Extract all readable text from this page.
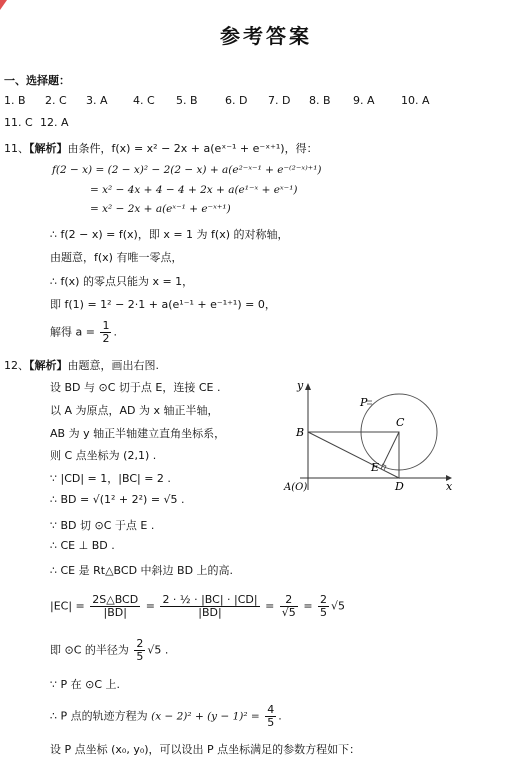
参考答案
一、选择题：
1. B 2. C 3. A 4. C 5. B 6. D 7. D 8. B 9. A 10. A
11. C 12. A
11、【解析】由条件，f(x) = x² − 2x + a(eˣ⁻¹ + e⁻ˣ⁺¹)，得：
f(2 − x) = (2 − x)² − 2(2 − x) + a(e²⁻ˣ⁻¹ + e⁻⁽²⁻ˣ⁾⁺¹)
= x² − 4x + 4 − 4 + 2x + a(e¹⁻ˣ + eˣ⁻¹)
= x² − 2x + a(eˣ⁻¹ + e⁻ˣ⁺¹)
∴ f(2 − x) = f(x)，即 x = 1 为 f(x) 的对称轴，
由题意，f(x) 有唯一零点，
∴ f(x) 的零点只能为 x = 1，
即 f(1) = 1² − 2·1 + a(e¹⁻¹ + e⁻¹⁺¹) = 0，
解得 $a = \frac{1}{2}$ .
12、【解析】由题意，画出右图.
设 BD 与 ⊙C 切于点 E，连接 CE .
以 A 为原点，AD 为 x 轴正半轴，
AB 为 y 轴正半轴建立直角坐标系，
则 C 点坐标为 (2,1) .
∵ |CD| = 1，|BC| = 2 .
∴ BD = √(1² + 2²) = √5 .
∵ BD 切 ⊙C 于点 E .
∴ CE ⊥ BD .
∴ CE 是 Rt△BCD 中斜边 BD 上的高.
$|EC| = \frac{\text{2S△BCD}}{|BD|} = \frac{\text{2 · ½ · |BC| · |CD|}}{|BD|} = \frac{2}{√5} = \frac{2}{5} √5$
即 ⊙C 的半径为 $\frac{2}{5} √5$ .
∵ P 在 ⊙C 上.
∴ P 点的轨迹方程为 $(x - 2)^2 + (y - 1)^2 = \frac{4}{5}$ .
设 P 点坐标 (x₀, y₀)，可以设出 P 点坐标满足的参数方程如下：
y
x
P
B
C
E
A(O)	D
